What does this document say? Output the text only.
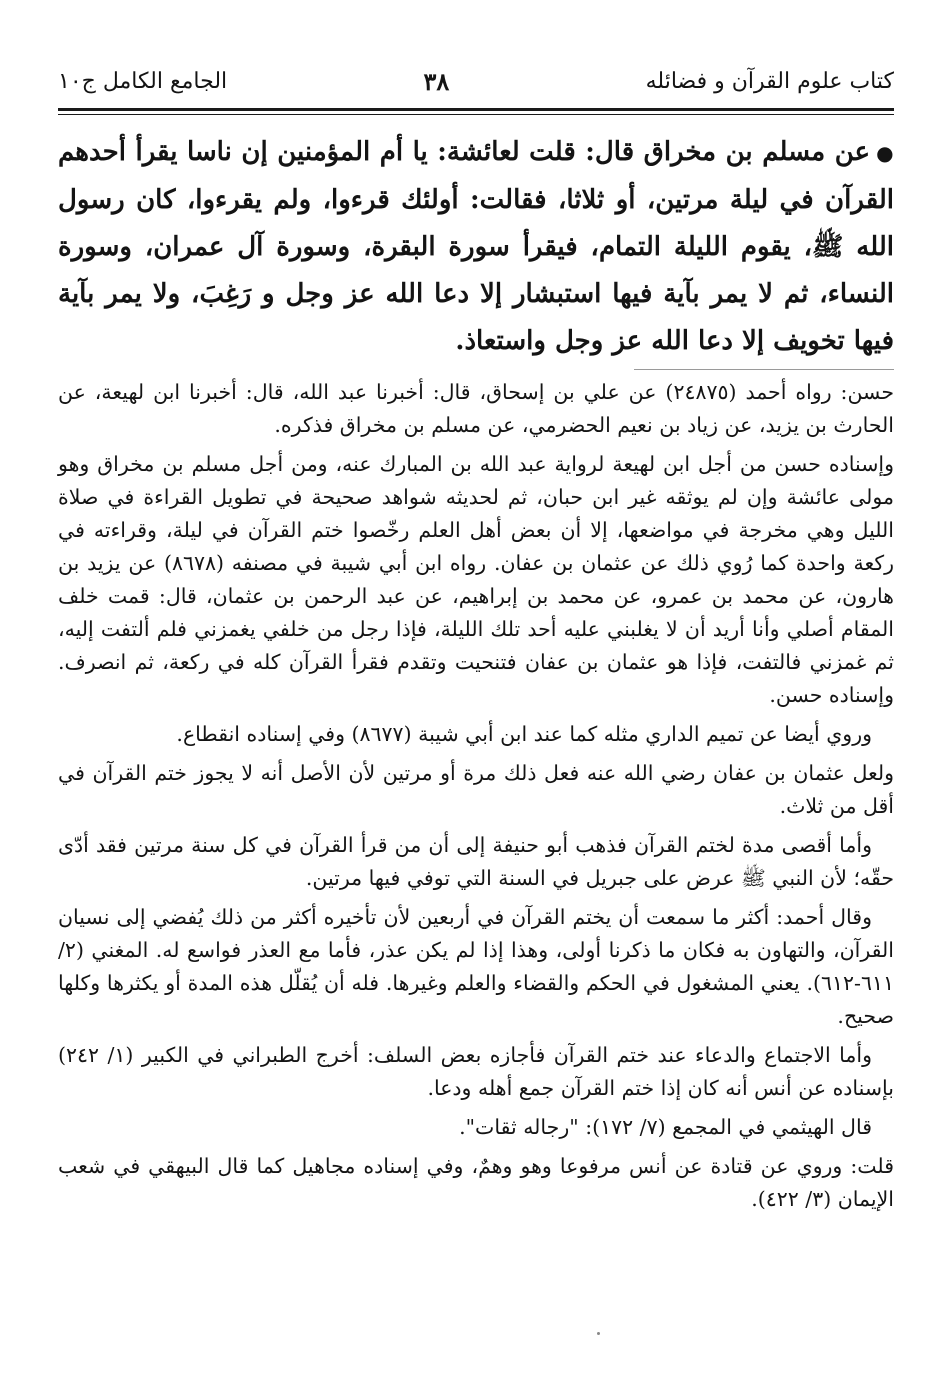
كتاب علوم القرآن و فضائله
٣٨
الجامع الكامل ج١٠

●عن مسلم بن مخراق قال: قلت لعائشة: يا أم المؤمنين إن ناسا يقرأ أحدهم القرآن في ليلة مرتين، أو ثلاثا، فقالت: أولئك قرءوا، ولم يقرءوا، كان رسول الله ﷺ، يقوم الليلة التمام، فيقرأ سورة البقرة، وسورة آل عمران، وسورة النساء، ثم لا يمر بآية فيها استبشار إلا دعا الله عز وجل و رَغِبَ، ولا يمر بآية فيها تخويف إلا دعا الله عز وجل واستعاذ.

حسن: رواه أحمد (٢٤٨٧٥) عن علي بن إسحاق، قال: أخبرنا عبد الله، قال: أخبرنا ابن لهيعة، عن الحارث بن يزيد، عن زياد بن نعيم الحضرمي، عن مسلم بن مخراق فذكره.

وإسناده حسن من أجل ابن لهيعة لرواية عبد الله بن المبارك عنه، ومن أجل مسلم بن مخراق وهو مولى عائشة وإن لم يوثقه غير ابن حبان، ثم لحديثه شواهد صحيحة في تطويل القراءة في صلاة الليل وهي مخرجة في مواضعها، إلا أن بعض أهل العلم رخّصوا ختم القرآن في ليلة، وقراءته في ركعة واحدة كما رُوي ذلك عن عثمان بن عفان. رواه ابن أبي شيبة في مصنفه (٨٦٧٨) عن يزيد بن هارون، عن محمد بن عمرو، عن محمد بن إبراهيم، عن عبد الرحمن بن عثمان، قال: قمت خلف المقام أصلي وأنا أريد أن لا يغلبني عليه أحد تلك الليلة، فإذا رجل من خلفي يغمزني فلم ألتفت إليه، ثم غمزني فالتفت، فإذا هو عثمان بن عفان فتنحيت وتقدم فقرأ القرآن كله في ركعة، ثم انصرف. وإسناده حسن.

وروي أيضا عن تميم الداري مثله كما عند ابن أبي شيبة (٨٦٧٧) وفي إسناده انقطاع.

ولعل عثمان بن عفان رضي الله عنه فعل ذلك مرة أو مرتين لأن الأصل أنه لا يجوز ختم القرآن في أقل من ثلاث.

وأما أقصى مدة لختم القرآن فذهب أبو حنيفة إلى أن من قرأ القرآن في كل سنة مرتين فقد أدّى حقّه؛ لأن النبي ﷺ عرض على جبريل في السنة التي توفي فيها مرتين.

وقال أحمد: أكثر ما سمعت أن يختم القرآن في أربعين لأن تأخيره أكثر من ذلك يُفضي إلى نسيان القرآن، والتهاون به فكان ما ذكرنا أولى، وهذا إذا لم يكن عذر، فأما مع العذر فواسع له. المغني (٢/ ٦١١-٦١٢). يعني المشغول في الحكم والقضاء والعلم وغيرها. فله أن يُقلّل هذه المدة أو يكثرها وكلها صحيح.

وأما الاجتماع والدعاء عند ختم القرآن فأجازه بعض السلف: أخرج الطبراني في الكبير (١/ ٢٤٢) بإسناده عن أنس أنه كان إذا ختم القرآن جمع أهله ودعا.

قال الهيثمي في المجمع (٧/ ١٧٢): "رجاله ثقات".

قلت: وروي عن قتادة عن أنس مرفوعا وهو وهمٌ، وفي إسناده مجاهيل كما قال البيهقي في شعب الإيمان (٣/ ٤٢٢).
